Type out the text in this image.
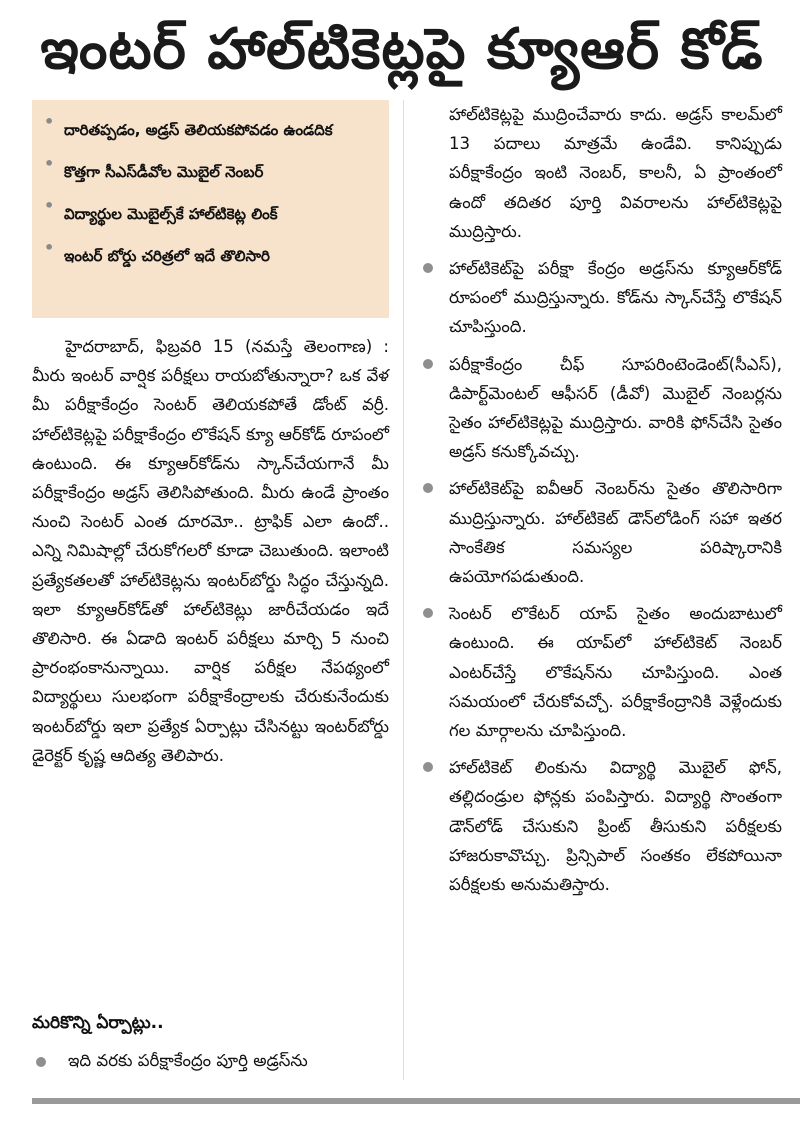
ఇంటర్ హాల్‌టికెట్లపై క్యూఆర్ కోడ్
• దారితప్పడం, అడ్రస్ తెలియకపోవడం ఉండదిక
• కొత్తగా సీఎస్‌డీవోల మొబైల్ నెంబర్
• విద్యార్థుల మొబైల్స్‌కే హాల్‌టికెట్ల లింక్
• ఇంటర్ బోర్డు చరిత్రలో ఇదే తొలిసారి

హైదరాబాద్, ఫిబ్రవరి 15 (నమస్తే తెలంగాణ) : మీరు ఇంటర్ వార్షిక పరీక్షలు రాయబోతున్నారా? ఒక వేళ మీ పరీక్షాకేంద్రం సెంటర్ తెలియకపోతే డోంట్ వర్రీ. హాల్‌టికెట్లపై పరీక్షాకేంద్రం లొకేషన్ క్యూ ఆర్‌కోడ్ రూపంలో ఉంటుంది. ఈ క్యూఆర్‌కోడ్‌ను స్కాన్‌చేయగానే మీ పరీక్షాకేంద్రం అడ్రస్ తెలిసిపోతుంది. మీరు ఉండే ప్రాంతం నుంచి సెంటర్ ఎంత దూరమో.. ట్రాఫిక్ ఎలా ఉందో.. ఎన్ని నిమిషాల్లో చేరుకోగలరో కూడా చెబుతుంది. ఇలాంటి ప్రత్యేకతలతో హాల్‌టికెట్లను ఇంటర్‌బోర్డు సిద్ధం చేస్తున్నది. ఇలా క్యూఆర్‌కోడ్‌తో హాల్‌టికెట్లు జారీచేయడం ఇదే తొలిసారి. ఈ ఏడాది ఇంటర్ పరీక్షలు మార్చి 5 నుంచి ప్రారంభంకానున్నాయి. వార్షిక పరీక్షల నేపథ్యంలో విద్యార్థులు సులభంగా పరీక్షాకేంద్రాలకు చేరుకునేందుకు ఇంటర్‌బోర్డు ఇలా ప్రత్యేక ఏర్పాట్లు చేసినట్టు ఇంటర్‌బోర్డు డైరెక్టర్ కృష్ణ ఆదిత్య తెలిపారు.

మరికొన్ని ఏర్పాట్లు..
ఇది వరకు పరీక్షాకేంద్రం పూర్తి అడ్రస్‌ను
హాల్‌టికెట్లపై ముద్రించేవారు కాదు. అడ్రస్ కాలమ్‌లో 13 పదాలు మాత్రమే ఉండేవి. కానిప్పుడు పరీక్షాకేంద్రం ఇంటి నెంబర్, కాలనీ, ఏ ప్రాంతంలో ఉందో తదితర పూర్తి వివరాలను హాల్‌టికెట్లపై ముద్రిస్తారు.
హాల్‌టికెట్‌పై పరీక్షా కేంద్రం అడ్రస్‌ను క్యూఆర్‌కోడ్ రూపంలో ముద్రిస్తున్నారు. కోడ్‌ను స్కాన్‌చేస్తే లొకేషన్ చూపిస్తుంది.
పరీక్షాకేంద్రం చీఫ్ సూపరింటెండెంట్(సీఎస్), డిపార్ట్‌మెంటల్ ఆఫీసర్ (డీవో) మొబైల్ నెంబర్లను సైతం హాల్‌టికెట్లపై ముద్రిస్తారు. వారికి ఫోన్‌చేసి సైతం అడ్రస్ కనుక్కోవచ్చు.
హాల్‌టికెట్‌పై ఐవీఆర్ నెంబర్‌ను సైతం తొలిసారిగా ముద్రిస్తున్నారు. హాల్‌టికెట్ డౌన్‌లోడింగ్ సహా ఇతర సాంకేతిక సమస్యల పరిష్కారానికి ఉపయోగపడుతుంది.
సెంటర్ లొకేటర్ యాప్ సైతం అందుబాటులో ఉంటుంది. ఈ యాప్‌లో హాల్‌టికెట్ నెంబర్ ఎంటర్‌చేస్తే లొకేషన్‌ను చూపిస్తుంది. ఎంత సమయంలో చేరుకోవచ్చో. పరీక్షాకేంద్రానికి వెళ్లేందుకు గల మార్గాలను చూపిస్తుంది.
హాల్‌టికెట్ లింకును విద్యార్థి మొబైల్ ఫోన్, తల్లిదండ్రుల ఫోన్లకు పంపిస్తారు. విద్యార్థి సొంతంగా డౌన్‌లోడ్ చేసుకుని ప్రింట్ తీసుకుని పరీక్షలకు హాజరుకావొచ్చు. ప్రిన్సిపాల్ సంతకం లేకపోయినా పరీక్షలకు అనుమతిస్తారు.
